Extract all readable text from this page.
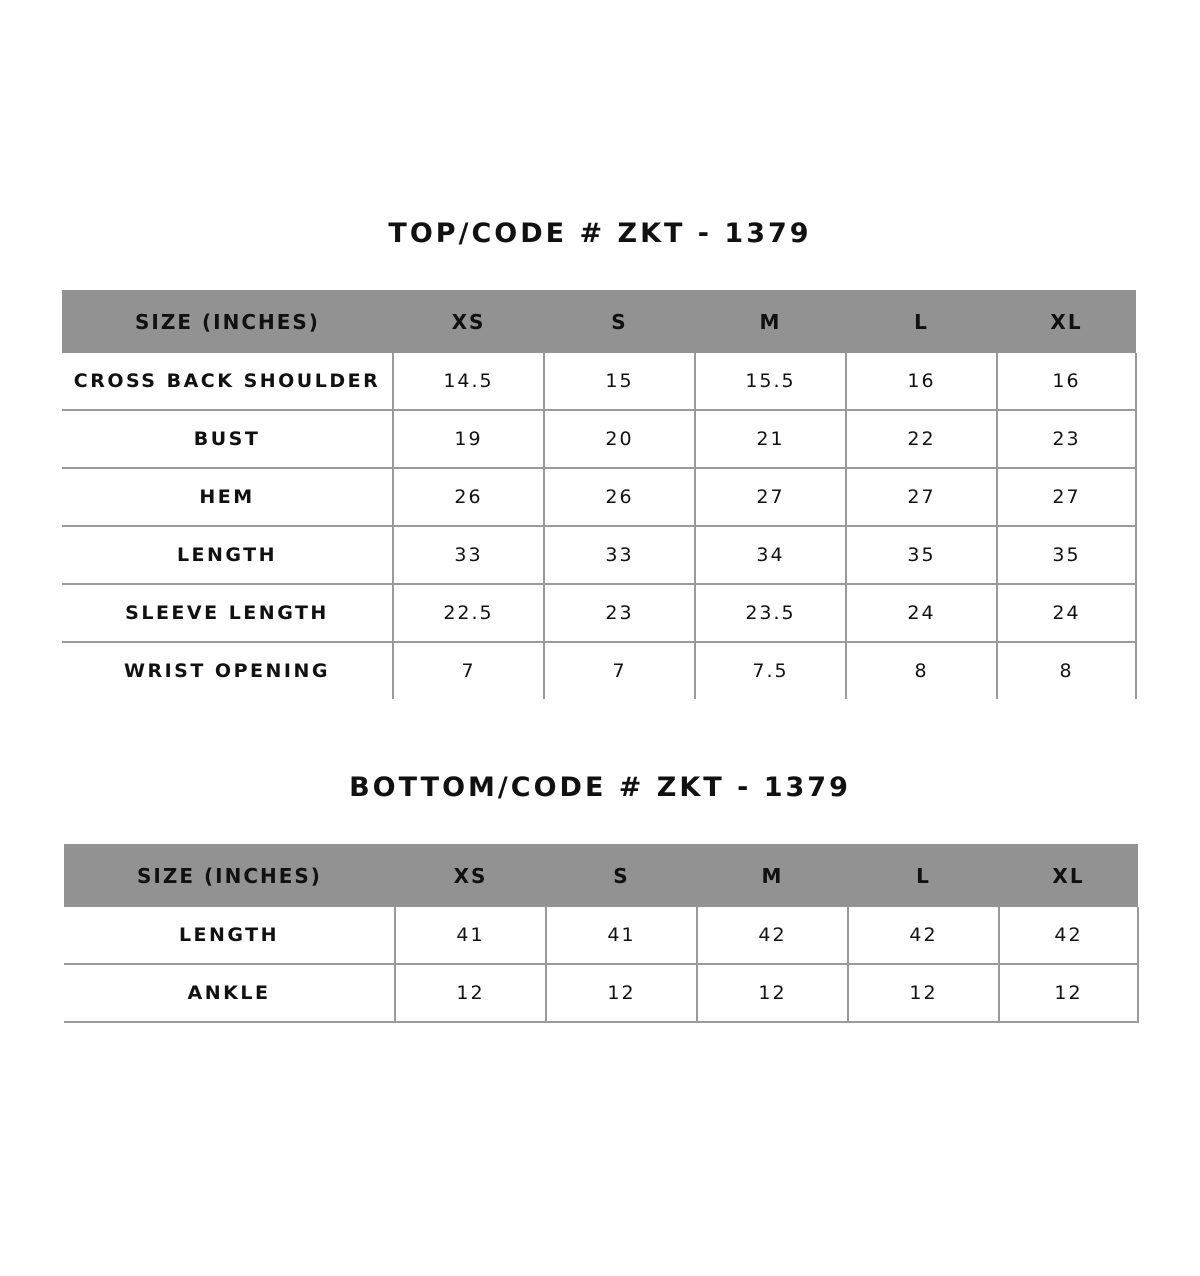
TOP/CODE # ZKT - 1379
SIZE (INCHES)	XS	S	M	L	XL
CROSS BACK SHOULDER	14.5	15	15.5	16	16
BUST	19	20	21	22	23
HEM	26	26	27	27	27
LENGTH	33	33	34	35	35
SLEEVE LENGTH	22.5	23	23.5	24	24
WRIST OPENING	7	7	7.5	8	8
BOTTOM/CODE # ZKT - 1379
SIZE (INCHES)	XS	S	M	L	XL
LENGTH	41	41	42	42	42
ANKLE	12	12	12	12	12
